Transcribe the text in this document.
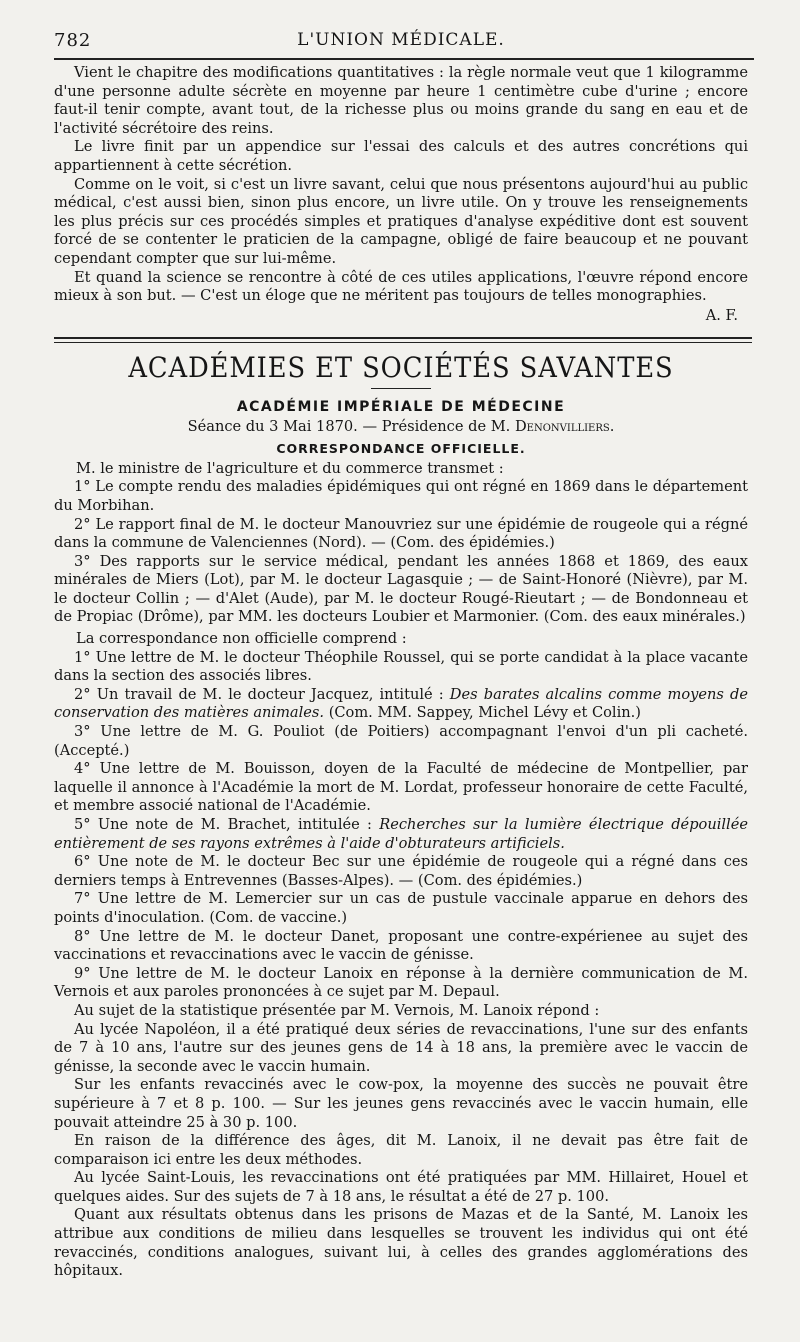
782	L'UNION MÉDICALE.

Vient le chapitre des modifications quantitatives : la règle normale veut que 1 kilogramme d'une personne adulte sécrète en moyenne par heure 1 centimètre cube d'urine ; encore faut-il tenir compte, avant tout, de la richesse plus ou moins grande du sang en eau et de l'activité sécrétoire des reins.

Le livre finit par un appendice sur l'essai des calculs et des autres concrétions qui appartiennent à cette sécrétion.

Comme on le voit, si c'est un livre savant, celui que nous présentons aujourd'hui au public médical, c'est aussi bien, sinon plus encore, un livre utile. On y trouve les renseignements les plus précis sur ces procédés simples et pratiques d'analyse expéditive dont est souvent forcé de se contenter le praticien de la campagne, obligé de faire beaucoup et ne pouvant cependant compter que sur lui-même.

Et quand la science se rencontre à côté de ces utiles applications, l'œuvre répond encore mieux à son but. — C'est un éloge que ne méritent pas toujours de telles monographies.

A. F.
ACADÉMIES ET SOCIÉTÉS SAVANTES
ACADÉMIE IMPÉRIALE DE MÉDECINE
Séance du 3 Mai 1870. — Présidence de M. Denonvilliers.
CORRESPONDANCE OFFICIELLE.

M. le ministre de l'agriculture et du commerce transmet :

1° Le compte rendu des maladies épidémiques qui ont régné en 1869 dans le département du Morbihan.

2° Le rapport final de M. le docteur Manouvriez sur une épidémie de rougeole qui a régné dans la commune de Valenciennes (Nord). — (Com. des épidémies.)

3° Des rapports sur le service médical, pendant les années 1868 et 1869, des eaux minérales de Miers (Lot), par M. le docteur Lagasquie ; — de Saint-Honoré (Nièvre), par M. le docteur Collin ; — d'Alet (Aude), par M. le docteur Rougé-Rieutart ; — de Bondonneau et de Propiac (Drôme), par MM. les docteurs Loubier et Marmonier. (Com. des eaux minérales.)

La correspondance non officielle comprend :

1° Une lettre de M. le docteur Théophile Roussel, qui se porte candidat à la place vacante dans la section des associés libres.

2° Un travail de M. le docteur Jacquez, intitulé : Des barates alcalins comme moyens de conservation des matières animales. (Com. MM. Sappey, Michel Lévy et Colin.)

3° Une lettre de M. G. Pouliot (de Poitiers) accompagnant l'envoi d'un pli cacheté. (Accepté.)

4° Une lettre de M. Bouisson, doyen de la Faculté de médecine de Montpellier, par laquelle il annonce à l'Académie la mort de M. Lordat, professeur honoraire de cette Faculté, et membre associé national de l'Académie.

5° Une note de M. Brachet, intitulée : Recherches sur la lumière électrique dépouillée entièrement de ses rayons extrêmes à l'aide d'obturateurs artificiels.

6° Une note de M. le docteur Bec sur une épidémie de rougeole qui a régné dans ces derniers temps à Entrevennes (Basses-Alpes). — (Com. des épidémies.)

7° Une lettre de M. Lemercier sur un cas de pustule vaccinale apparue en dehors des points d'inoculation. (Com. de vaccine.)

8° Une lettre de M. le docteur Danet, proposant une contre-expérienee au sujet des vaccinations et revaccinations avec le vaccin de génisse.

9° Une lettre de M. le docteur Lanoix en réponse à la dernière communication de M. Vernois et aux paroles prononcées à ce sujet par M. Depaul.

Au sujet de la statistique présentée par M. Vernois, M. Lanoix répond :

Au lycée Napoléon, il a été pratiqué deux séries de revaccinations, l'une sur des enfants de 7 à 10 ans, l'autre sur des jeunes gens de 14 à 18 ans, la première avec le vaccin de génisse, la seconde avec le vaccin humain.

Sur les enfants revaccinés avec le cow-pox, la moyenne des succès ne pouvait être supérieure à 7 et 8 p. 100. — Sur les jeunes gens revaccinés avec le vaccin humain, elle pouvait atteindre 25 à 30 p. 100.

En raison de la différence des âges, dit M. Lanoix, il ne devait pas être fait de comparaison ici entre les deux méthodes.

Au lycée Saint-Louis, les revaccinations ont été pratiquées par MM. Hillairet, Houel et quelques aides. Sur des sujets de 7 à 18 ans, le résultat a été de 27 p. 100.

Quant aux résultats obtenus dans les prisons de Mazas et de la Santé, M. Lanoix les attribue aux conditions de milieu dans lesquelles se trouvent les individus qui ont été revaccinés, conditions analogues, suivant lui, à celles des grandes agglomérations des hôpitaux.
